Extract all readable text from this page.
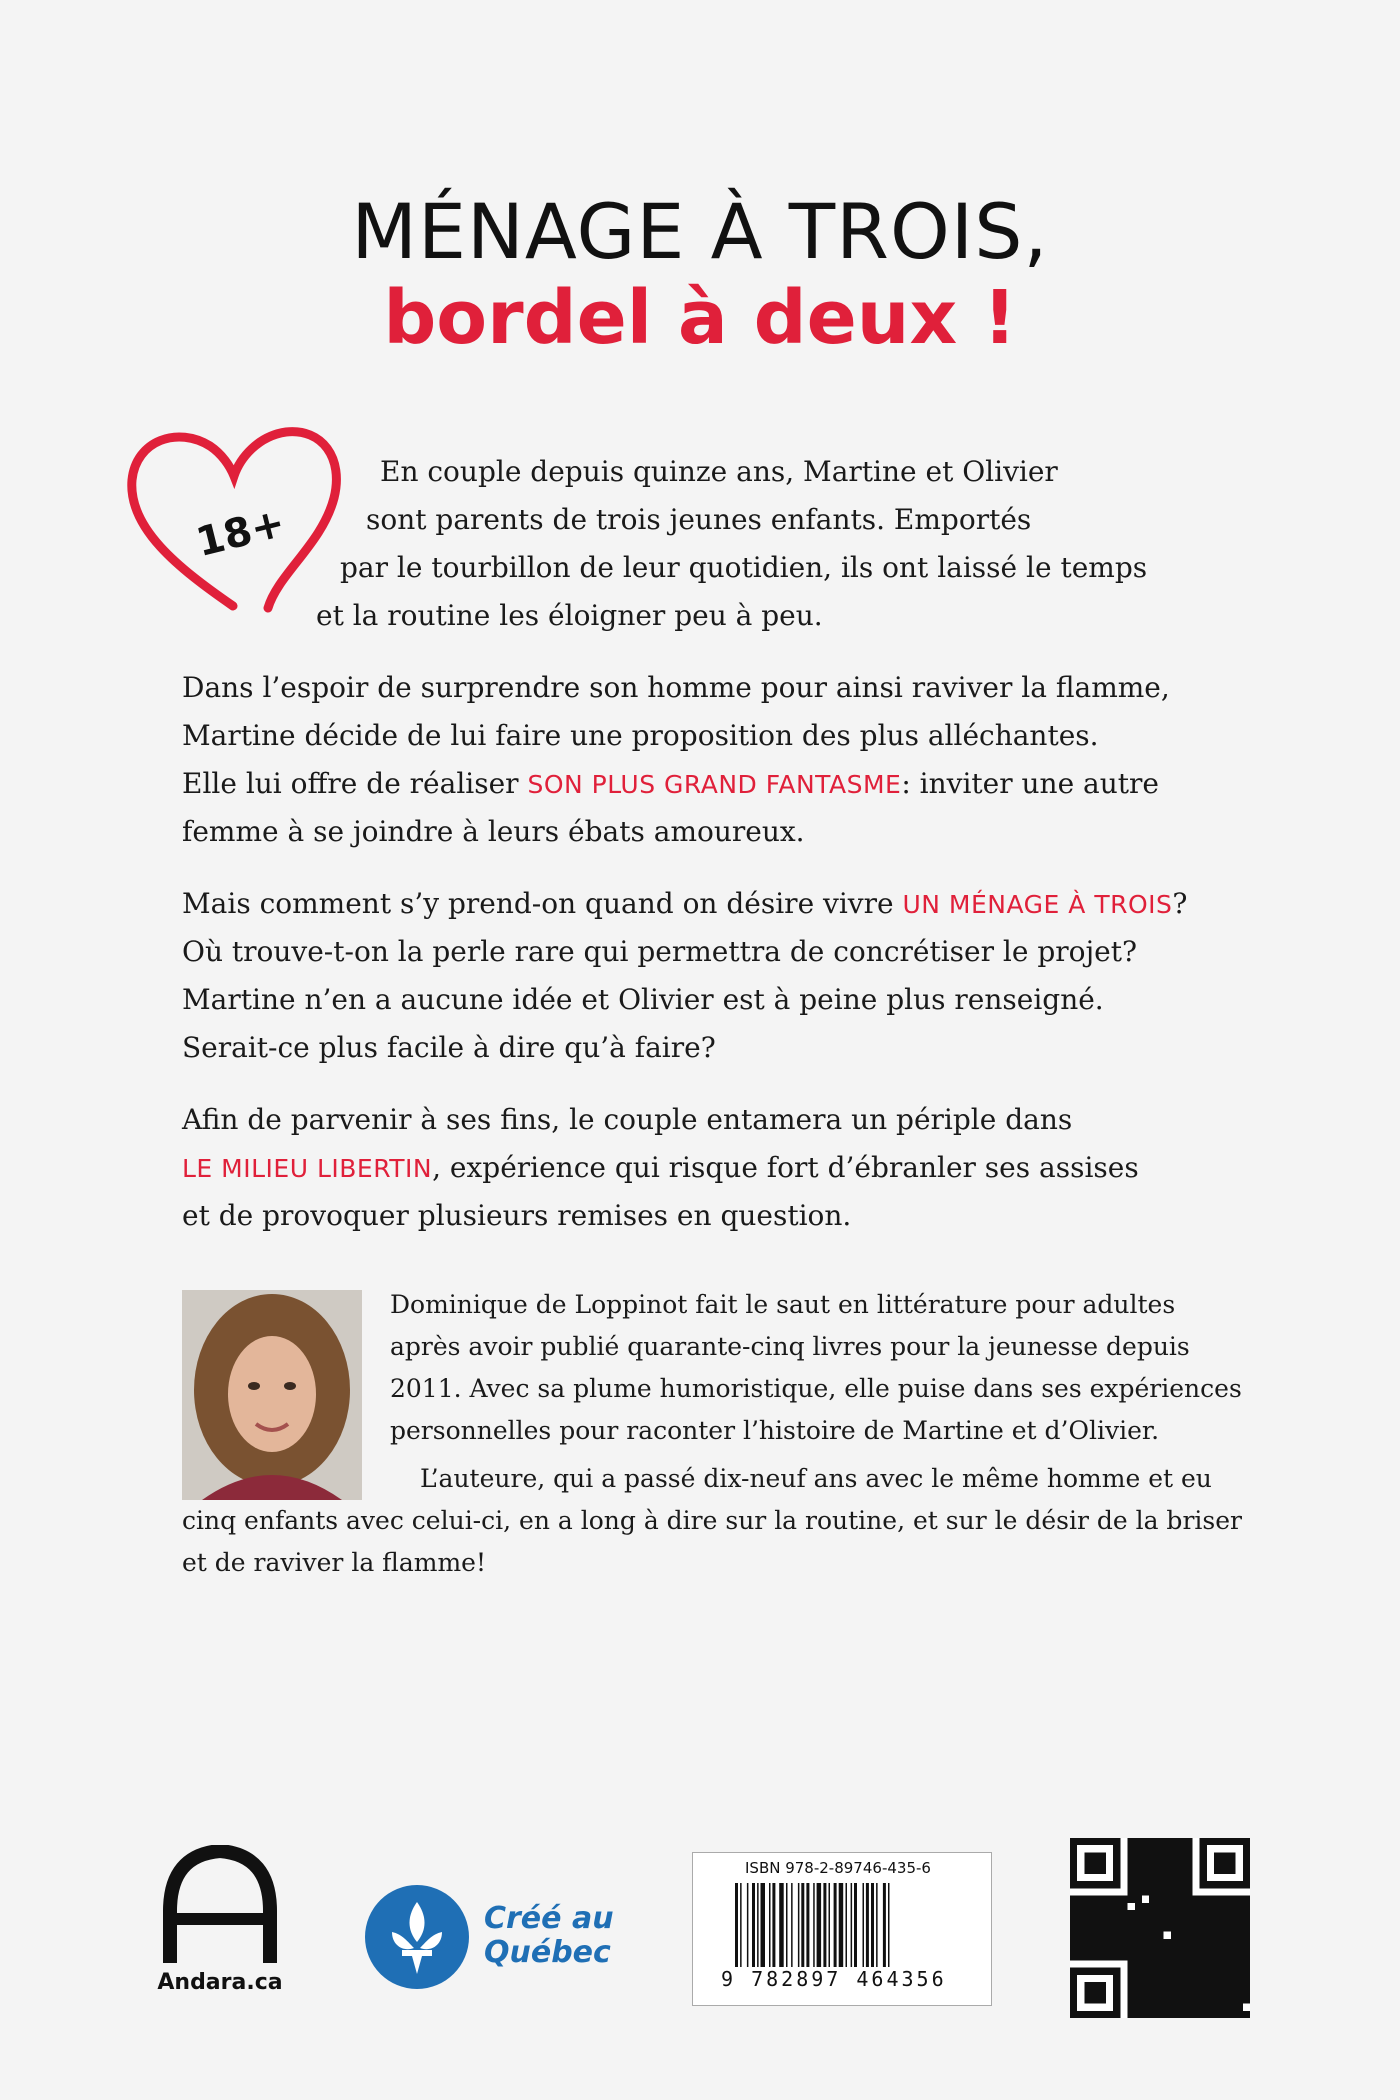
MÉNAGE À TROIS,
bordel à deux !
18+

En couple depuis quinze ans, Martine et Olivier

sont parents de trois jeunes enfants. Emportés

par le tourbillon de leur quotidien, ils ont laissé le temps

et la routine les éloigner peu à peu.

Dans l’espoir de surprendre son homme pour ainsi raviver la flamme,

Martine décide de lui faire une proposition des plus alléchantes.

Elle lui offre de réaliser SON PLUS GRAND FANTASME: inviter une autre

femme à se joindre à leurs ébats amoureux.

Mais comment s’y prend-on quand on désire vivre UN MÉNAGE À TROIS?

Où trouve-t-on la perle rare qui permettra de concrétiser le projet?

Martine n’en a aucune idée et Olivier est à peine plus renseigné.

Serait-ce plus facile à dire qu’à faire?

Afin de parvenir à ses fins, le couple entamera un périple dans

LE MILIEU LIBERTIN, expérience qui risque fort d’ébranler ses assises

et de provoquer plusieurs remises en question.

Dominique de Loppinot fait le saut en littérature pour adultes

après avoir publié quarante-cinq livres pour la jeunesse depuis

2011. Avec sa plume humoristique, elle puise dans ses expériences

personnelles pour raconter l’histoire de Martine et d’Olivier.

L’auteure, qui a passé dix-neuf ans avec le même homme et eu

cinq enfants avec celui-ci, en a long à dire sur la routine, et sur le désir de la briser

et de raviver la flamme!

Andara.ca
Créé au
Québec
ISBN 978-2-89746-435-6
9 782897 464356
